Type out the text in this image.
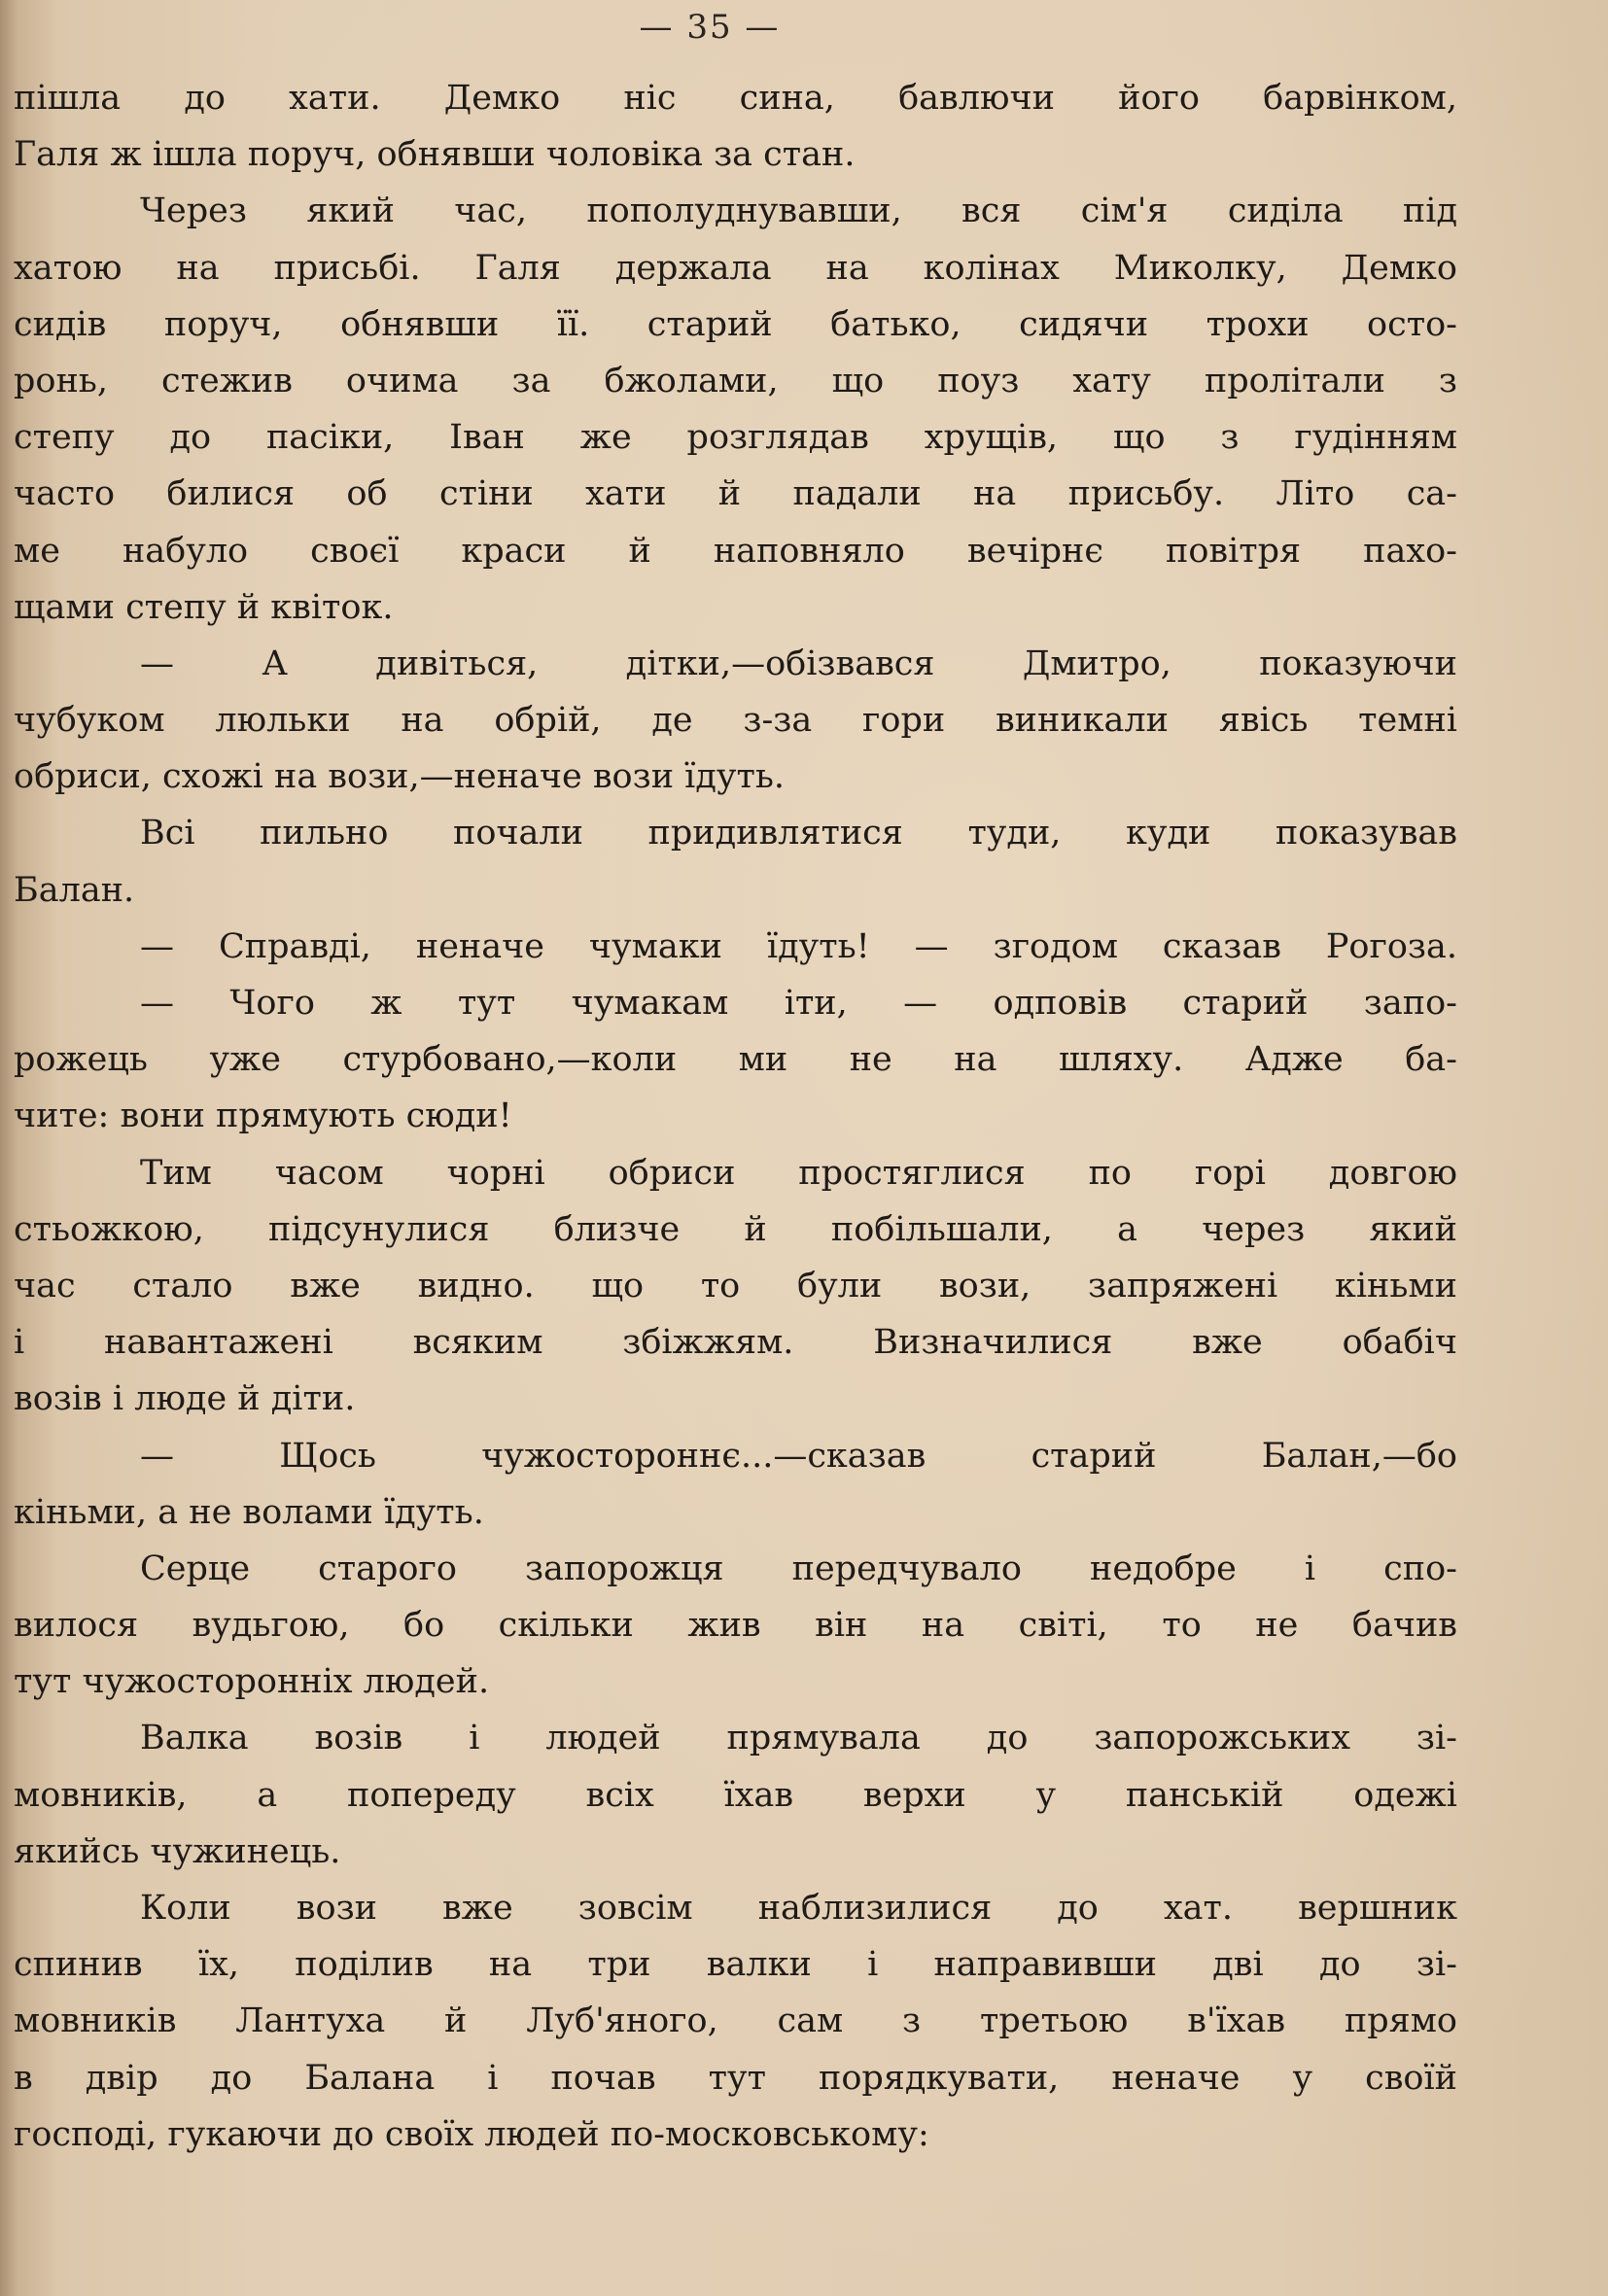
— 35 —
пішла до хати. Демко ніс сина, бавлючи його барвінком,
Галя ж ішла поруч, обнявши чоловіка за стан.
Через який час, пополуднувавши, вся сім'я сиділа під
хатою на присьбі. Галя держала на колінах Миколку, Демко
сидів поруч, обнявши її. старий батько, сидячи трохи осто-
ронь, стежив очима за бжолами, що поуз хату пролітали з
степу до пасіки, Іван же розглядав хрущів, що з гудінням
часто билися об стіни хати й падали на присьбу. Літо са-
ме набуло своєї краси й наповняло вечірнє повітря пахо-
щами степу й квіток.
— А дивіться, дітки,—обізвався Дмитро, показуючи
чубуком люльки на обрій, де з-за гори виникали явісь темні
обриси, схожі на вози,—неначе вози їдуть.
Всі пильно почали придивлятися туди, куди показував
Балан.
— Справді, неначе чумаки їдуть! — згодом сказав Рогоза.
— Чого ж тут чумакам іти, — одповів старий запо-
рожець уже стурбовано,—коли ми не на шляху. Адже ба-
чите: вони прямують сюди!
Тим часом чорні обриси простяглися по горі довгою
стьожкою, підсунулися близче й побільшали, а через який
час стало вже видно. що то були вози, запряжені кіньми
і навантажені всяким збіжжям. Визначилися вже обабіч
возів і люде й діти.
— Щось чужостороннє...—сказав старий Балан,—бо
кіньми, а не волами їдуть.
Серце старого запорожця передчувало недобре і спо-
вилося вудьгою, бо скільки жив він на світі, то не бачив
тут чужосторонніх людей.
Валка возів і людей прямувала до запорожських зі-
мовників, а попереду всіх їхав верхи у панській одежі
якийсь чужинець.
Коли вози вже зовсім наблизилися до хат. вершник
спинив їх, поділив на три валки і направивши дві до зі-
мовників Лантуха й Луб'яного, сам з третьою в'їхав прямо
в двір до Балана і почав тут порядкувати, неначе у своїй
господі, гукаючи до своїх людей по-московському:
